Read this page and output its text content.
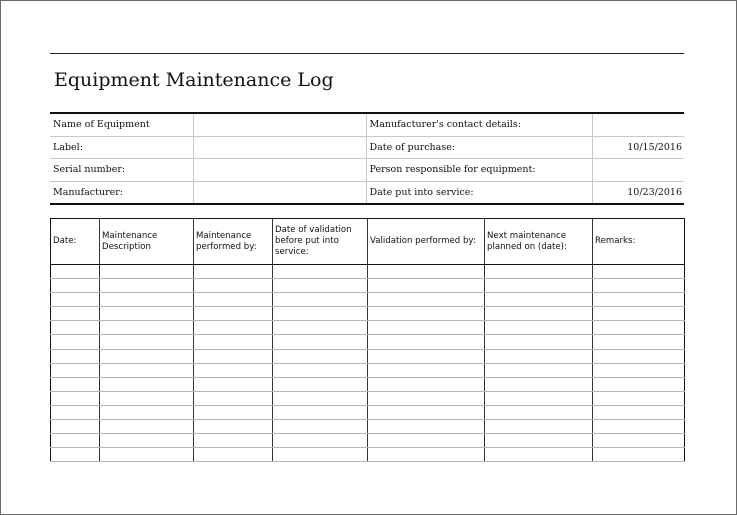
Equipment Maintenance Log
Name of Equipment		Manufacturer's contact details:	
Label:		Date of purchase:	10/15/2016
Serial number:		Person responsible for equipment:	
Manufacturer:		Date put into service:	10/23/2016
Date:	Maintenance Description	Maintenance performed by:	Date of validation before put into service:	Validation performed by:	Next maintenance planned on (date):	Remarks:
